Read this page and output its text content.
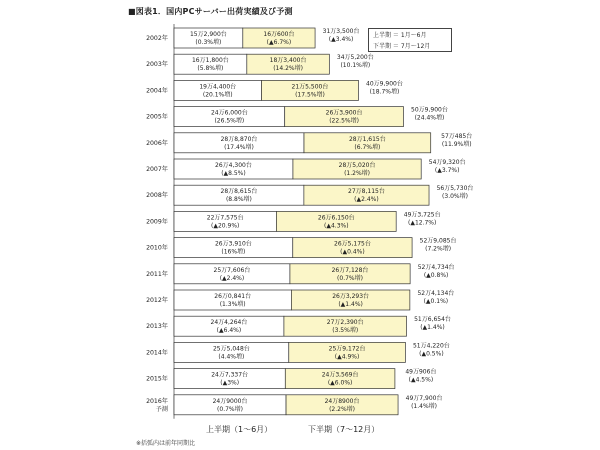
■図表1．国内PCサーバー出荷実績及び予測
上半期 ＝ 1月〜6月
下半期 ＝ 7月〜12月
2002年
15万2,900台
(0.3%増)
16万600台
(▲6.7%)
31万3,500台
(▲3.4%)
2003年
16万1,800台
(5.8%増)
18万3,400台
(14.2%増)
34万5,200台
(10.1%増)
2004年
19万4,400台
(20.1%増)
21万5,500台
(17.5%増)
40万9,900台
(18.7%増)
2005年
24万6,000台
(26.5%増)
26万3,900台
(22.5%増)
50万9,900台
(24.4%増)
2006年
28万8,870台
(17.4%増)
28万1,615台
(6.7%増)
57万485台
(11.9%増)
2007年
26万4,300台
(▲8.5%)
28万5,020台
(1.2%増)
54万9,320台
(▲3.7%)
2008年
28万8,615台
(8.8%増)
27万8,115台
(▲2.4%)
56万5,730台
(3.0%増)
2009年
22万7,575台
(▲20.9%)
26万6,150台
(▲4.3%)
49万3,725台
(▲12.7%)
2010年
26万3,910台
(16%増)
26万5,175台
(▲0.4%)
52万9,085台
(7.2%増)
2011年
25万7,606台
(▲2.4%)
26万7,128台
(0.7%増)
52万4,734台
(▲0.8%)
2012年
26万0,841台
(1.3%増)
26万3,293台
(▲1.4%)
52万4,134台
(▲0.1%)
2013年
24万4,264台
(▲6.4%)
27万2,390台
(3.5%増)
51万6,654台
(▲1.4%)
2014年
25万5,048台
(4.4%増)
25万9,172台
(▲4.9%)
51万4,220台
(▲0.5%)
2015年
24万7,337台
(▲3%)
24万3,569台
(▲6.0%)
49万906台
(▲4.5%)
2016年
予測
24万9000台
(0.7%増)
24万8900台
(2.2%増)
49万7,900台
(1.4%増)
上半期（1〜6月）	下半期（7〜12月）
※括弧内は前年同期比
